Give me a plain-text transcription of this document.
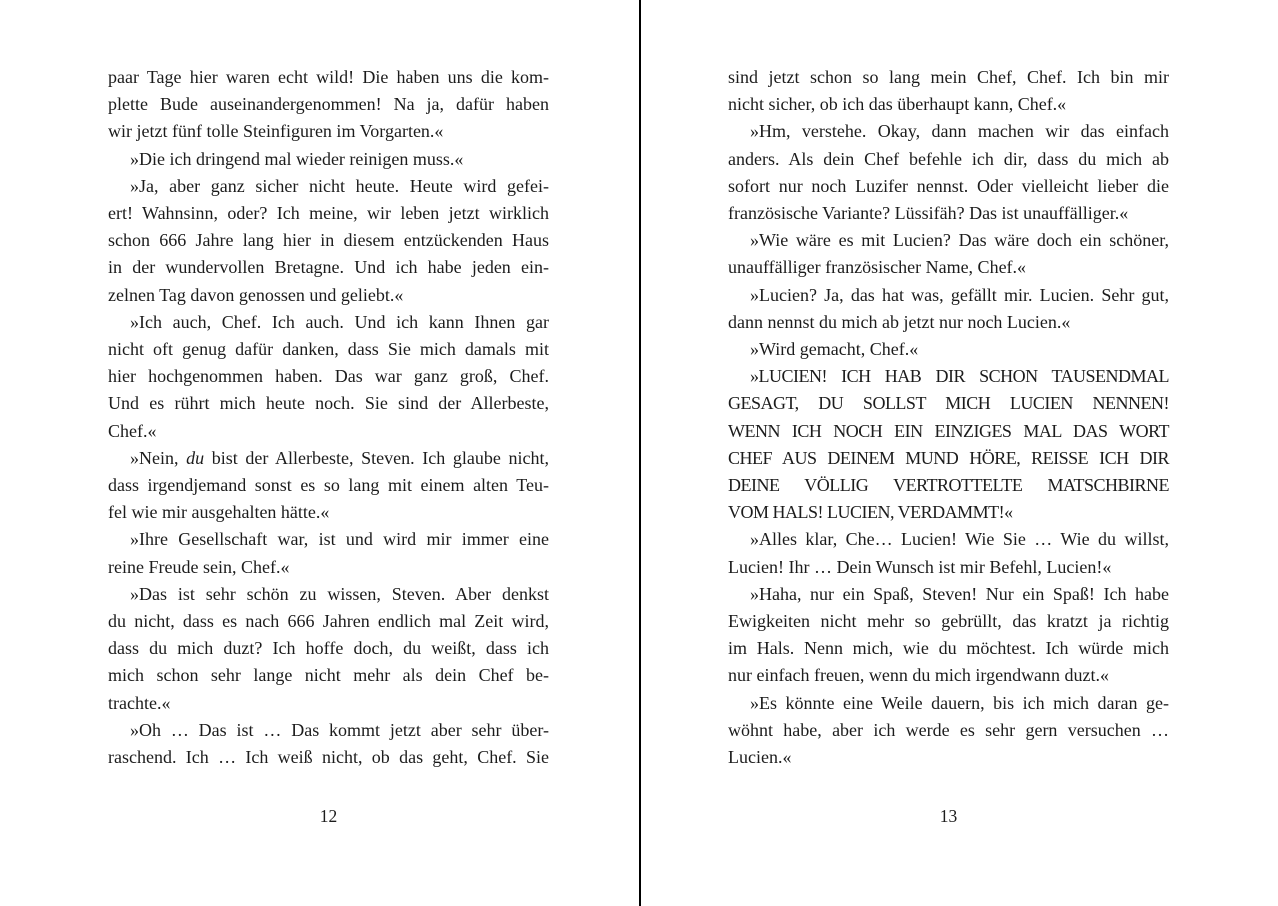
paar Tage hier waren echt wild! Die haben uns die kom-
plette Bude auseinandergenommen! Na ja, dafür haben
wir jetzt fünf tolle Steinfiguren im Vorgarten.«
»Die ich dringend mal wieder reinigen muss.«
»Ja, aber ganz sicher nicht heute. Heute wird gefei-
ert! Wahnsinn, oder? Ich meine, wir leben jetzt wirklich
schon 666 Jahre lang hier in diesem entzückenden Haus
in der wundervollen Bretagne. Und ich habe jeden ein-
zelnen Tag davon genossen und geliebt.«
»Ich auch, Chef. Ich auch. Und ich kann Ihnen gar
nicht oft genug dafür danken, dass Sie mich damals mit
hier hochgenommen haben. Das war ganz groß, Chef.
Und es rührt mich heute noch. Sie sind der Allerbeste,
Chef.«
»Nein, du bist der Allerbeste, Steven. Ich glaube nicht,
dass irgendjemand sonst es so lang mit einem alten Teu-
fel wie mir ausgehalten hätte.«
»Ihre Gesellschaft war, ist und wird mir immer eine
reine Freude sein, Chef.«
»Das ist sehr schön zu wissen, Steven. Aber denkst
du nicht, dass es nach 666 Jahren endlich mal Zeit wird,
dass du mich duzt? Ich hoffe doch, du weißt, dass ich
mich schon sehr lange nicht mehr als dein Chef be-
trachte.«
»Oh … Das ist … Das kommt jetzt aber sehr über-
raschend. Ich … Ich weiß nicht, ob das geht, Chef. Sie
12
sind jetzt schon so lang mein Chef, Chef. Ich bin mir
nicht sicher, ob ich das überhaupt kann, Chef.«
»Hm, verstehe. Okay, dann machen wir das einfach
anders. Als dein Chef befehle ich dir, dass du mich ab
sofort nur noch Luzifer nennst. Oder vielleicht lieber die
französische Variante? Lüssifäh? Das ist unauffälliger.«
»Wie wäre es mit Lucien? Das wäre doch ein schöner,
unauffälliger französischer Name, Chef.«
»Lucien? Ja, das hat was, gefällt mir. Lucien. Sehr gut,
dann nennst du mich ab jetzt nur noch Lucien.«
»Wird gemacht, Chef.«
»LUCIEN! ICH HAB DIR SCHON TAUSENDMAL
GESAGT, DU SOLLST MICH LUCIEN NENNEN!
WENN ICH NOCH EIN EINZIGES MAL DAS WORT
CHEF AUS DEINEM MUND HÖRE, REISSE ICH DIR
DEINE VÖLLIG VERTROTTELTE MATSCHBIRNE
VOM HALS! LUCIEN, VERDAMMT!«
»Alles klar, Che… Lucien! Wie Sie … Wie du willst,
Lucien! Ihr … Dein Wunsch ist mir Befehl, Lucien!«
»Haha, nur ein Spaß, Steven! Nur ein Spaß! Ich habe
Ewigkeiten nicht mehr so gebrüllt, das kratzt ja richtig
im Hals. Nenn mich, wie du möchtest. Ich würde mich
nur einfach freuen, wenn du mich irgendwann duzt.«
»Es könnte eine Weile dauern, bis ich mich daran ge-
wöhnt habe, aber ich werde es sehr gern versuchen …
Lucien.«
13
